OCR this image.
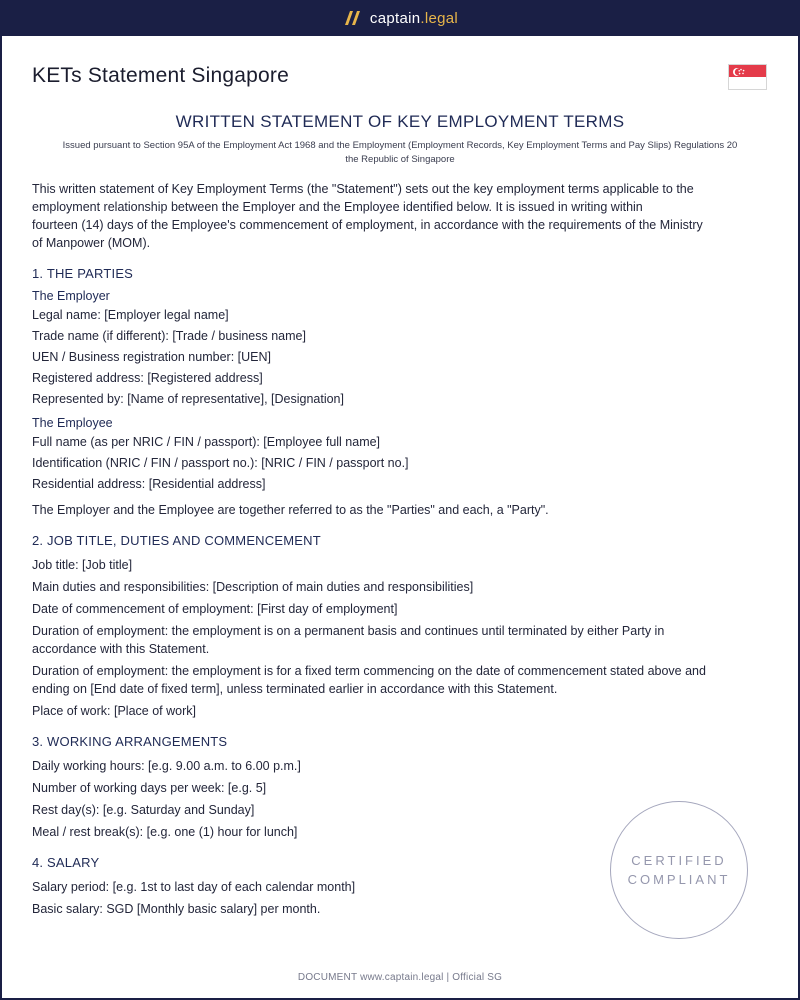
captain.legal
KETs Statement Singapore
WRITTEN STATEMENT OF KEY EMPLOYMENT TERMS
Issued pursuant to Section 95A of the Employment Act 1968 and the Employment (Employment Records, Key Employment Terms and Pay Slips) Regulations 20
the Republic of Singapore

This written statement of Key Employment Terms (the "Statement") sets out the key employment terms applicable to the
employment relationship between the Employer and the Employee identified below. It is issued in writing within
fourteen (14) days of the Employee's commencement of employment, in accordance with the requirements of the Ministry
of Manpower (MOM).

1. THE PARTIES
The Employer
Legal name: [Employer legal name]
Trade name (if different): [Trade / business name]
UEN / Business registration number: [UEN]
Registered address: [Registered address]
Represented by: [Name of representative], [Designation]
The Employee
Full name (as per NRIC / FIN / passport): [Employee full name]
Identification (NRIC / FIN / passport no.): [NRIC / FIN / passport no.]
Residential address: [Residential address]
The Employer and the Employee are together referred to as the "Parties" and each, a "Party".
2. JOB TITLE, DUTIES AND COMMENCEMENT
Job title: [Job title]
Main duties and responsibilities: [Description of main duties and responsibilities]
Date of commencement of employment: [First day of employment]
Duration of employment: the employment is on a permanent basis and continues until terminated by either Party in
accordance with this Statement.
Duration of employment: the employment is for a fixed term commencing on the date of commencement stated above and
ending on [End date of fixed term], unless terminated earlier in accordance with this Statement.
Place of work: [Place of work]
3. WORKING ARRANGEMENTS
Daily working hours: [e.g. 9.00 a.m. to 6.00 p.m.]
Number of working days per week: [e.g. 5]
Rest day(s): [e.g. Saturday and Sunday]
Meal / rest break(s): [e.g. one (1) hour for lunch]
4. SALARY
Salary period: [e.g. 1st to last day of each calendar month]
Basic salary: SGD [Monthly basic salary] per month.
CERTIFIED
COMPLIANT
DOCUMENT www.captain.legal | Official SG
